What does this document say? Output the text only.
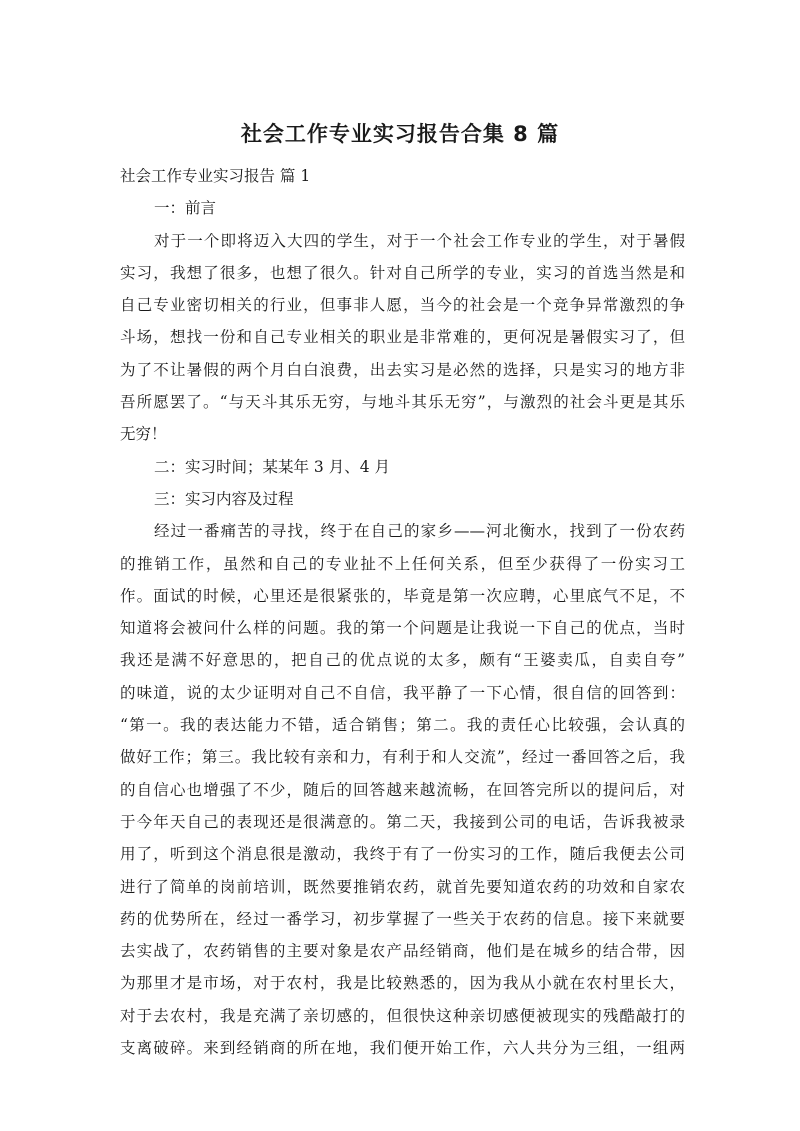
社会工作专业实习报告合集 8 篇
社会工作专业实习报告 篇 1
一：前言
对于一个即将迈入大四的学生，对于一个社会工作专业的学生，对于暑假
实习，我想了很多，也想了很久。针对自己所学的专业，实习的首选当然是和
自己专业密切相关的行业，但事非人愿，当今的社会是一个竞争异常激烈的争
斗场，想找一份和自己专业相关的职业是非常难的，更何况是暑假实习了，但
为了不让暑假的两个月白白浪费，出去实习是必然的选择，只是实习的地方非
吾所愿罢了。“与天斗其乐无穷，与地斗其乐无穷”，与激烈的社会斗更是其乐
无穷！
二：实习时间；某某年 3 月、4 月
三：实习内容及过程
经过一番痛苦的寻找，终于在自己的家乡——河北衡水，找到了一份农药
的推销工作，虽然和自己的专业扯不上任何关系，但至少获得了一份实习工
作。面试的时候，心里还是很紧张的，毕竟是第一次应聘，心里底气不足，不
知道将会被问什么样的问题。我的第一个问题是让我说一下自己的优点，当时
我还是满不好意思的，把自己的优点说的太多，颇有“王婆卖瓜，自卖自夸”
的味道，说的太少证明对自己不自信，我平静了一下心情，很自信的回答到：
“第一。我的表达能力不错，适合销售；第二。我的责任心比较强，会认真的
做好工作；第三。我比较有亲和力，有利于和人交流”，经过一番回答之后，我
的自信心也增强了不少，随后的回答越来越流畅，在回答完所以的提问后，对
于今年天自己的表现还是很满意的。第二天，我接到公司的电话，告诉我被录
用了，听到这个消息很是激动，我终于有了一份实习的工作，随后我便去公司
进行了简单的岗前培训，既然要推销农药，就首先要知道农药的功效和自家农
药的优势所在，经过一番学习，初步掌握了一些关于农药的信息。接下来就要
去实战了，农药销售的主要对象是农产品经销商，他们是在城乡的结合带，因
为那里才是市场，对于农村，我是比较熟悉的，因为我从小就在农村里长大，
对于去农村，我是充满了亲切感的，但很快这种亲切感便被现实的残酷敲打的
支离破碎。来到经销商的所在地，我们便开始工作，六人共分为三组，一组两
